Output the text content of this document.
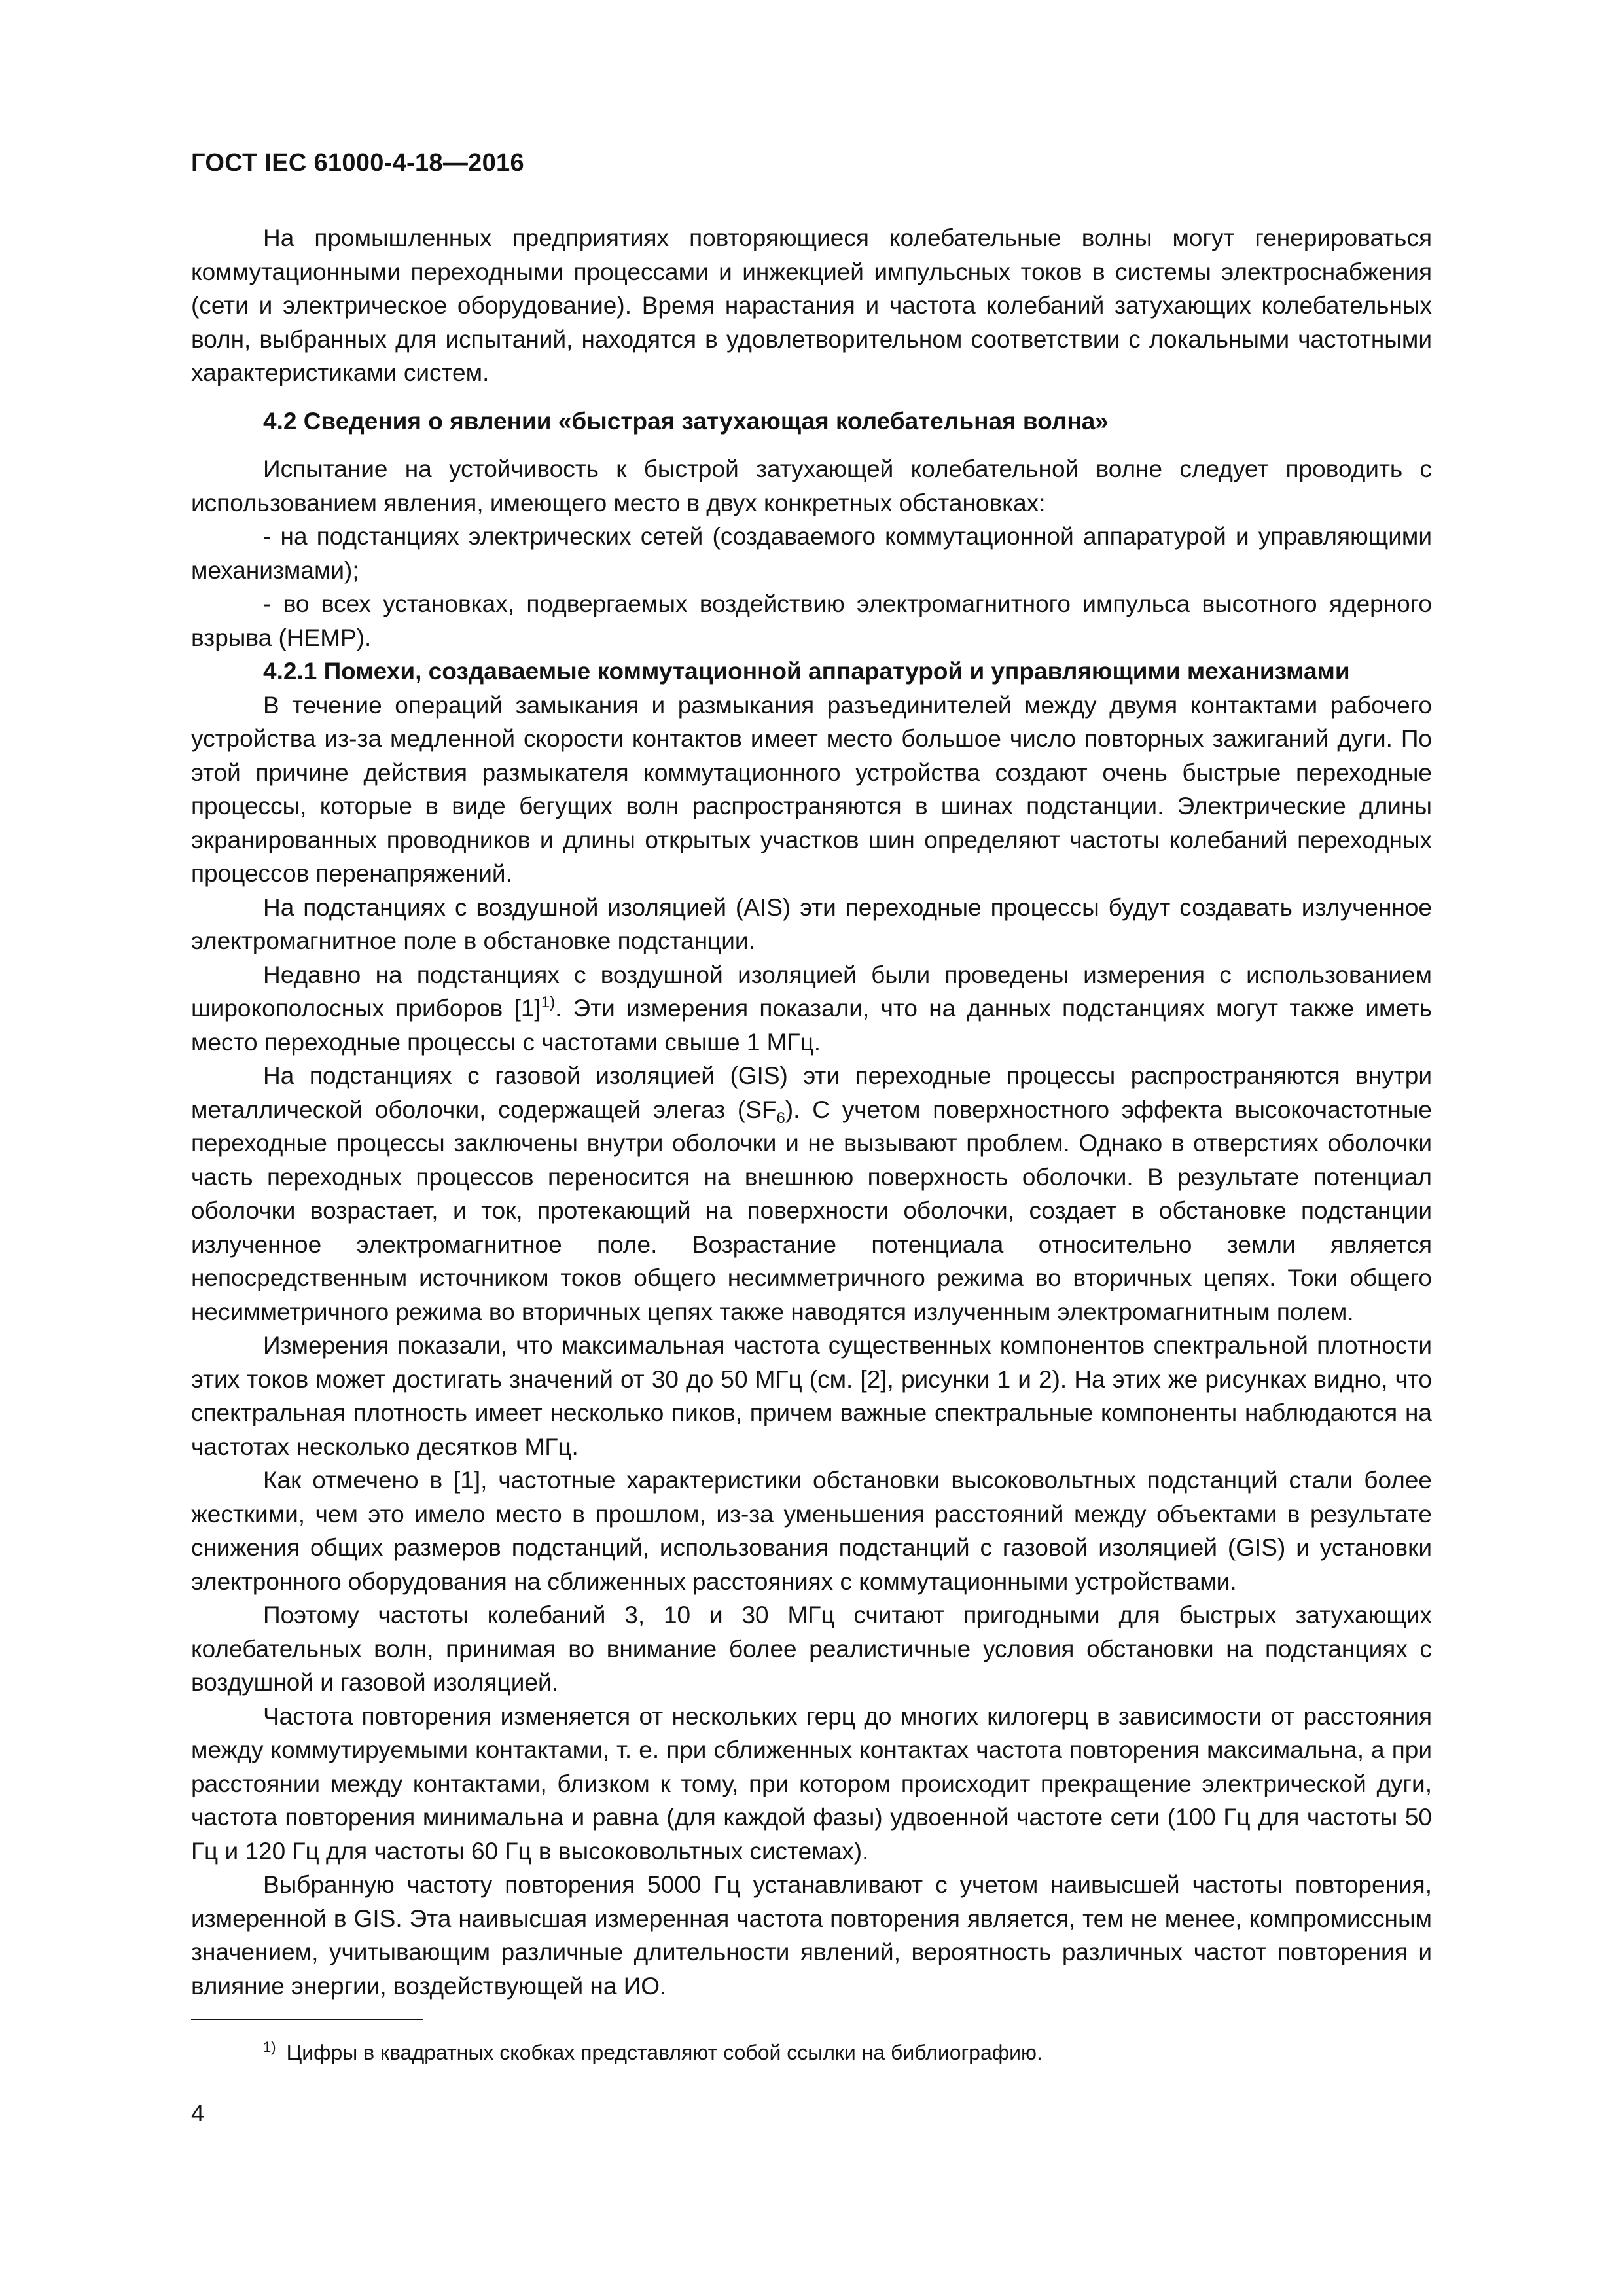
ГОСТ IEC 61000-4-18—2016

На промышленных предприятиях повторяющиеся колебательные волны могут генерироваться коммутационными переходными процессами и инжекцией импульсных токов в системы электроснабжения (сети и электрическое оборудование). Время нарастания и частота колебаний затухающих колебательных волн, выбранных для испытаний, находятся в удовлетворительном соответствии с локальными частотными характеристиками систем.

4.2 Сведения о явлении «быстрая затухающая колебательная волна»

Испытание на устойчивость к быстрой затухающей колебательной волне следует проводить с использованием явления, имеющего место в двух конкретных обстановках:

- на подстанциях электрических сетей (создаваемого коммутационной аппаратурой и управляющими механизмами);

- во всех установках, подвергаемых воздействию электромагнитного импульса высотного ядерного взрыва (НЕМР).

4.2.1 Помехи, создаваемые коммутационной аппаратурой и управляющими механизмами

В течение операций замыкания и размыкания разъединителей между двумя контактами рабочего устройства из-за медленной скорости контактов имеет место большое число повторных зажиганий дуги. По этой причине действия размыкателя коммутационного устройства создают очень быстрые переходные процессы, которые в виде бегущих волн распространяются в шинах подстанции. Электрические длины экранированных проводников и длины открытых участков шин определяют частоты колебаний переходных процессов перенапряжений.

На подстанциях с воздушной изоляцией (AIS) эти переходные процессы будут создавать излученное электромагнитное поле в обстановке подстанции.

Недавно на подстанциях с воздушной изоляцией были проведены измерения с использованием широкополосных приборов [1]$^{1)}$. Эти измерения показали, что на данных подстанциях могут также иметь место переходные процессы с частотами свыше 1 МГц.

На подстанциях с газовой изоляцией (GIS) эти переходные процессы распространяются внутри металлической оболочки, содержащей элегаз $(SF_6)$. С учетом поверхностного эффекта высокочастотные переходные процессы заключены внутри оболочки и не вызывают проблем. Однако в отверстиях оболочки часть переходных процессов переносится на внешнюю поверхность оболочки. В результате потенциал оболочки возрастает, и ток, протекающий на поверхности оболочки, создает в обстановке подстанции излученное электромагнитное поле. Возрастание потенциала относительно земли является непосредственным источником токов общего несимметричного режима во вторичных цепях. Токи общего несимметричного режима во вторичных цепях также наводятся излученным электромагнитным полем.

Измерения показали, что максимальная частота существенных компонентов спектральной плотности этих токов может достигать значений от 30 до 50 МГц (см. [2], рисунки 1 и 2). На этих же рисунках видно, что спектральная плотность имеет несколько пиков, причем важные спектральные компоненты наблюдаются на частотах несколько десятков МГц.

Как отмечено в [1], частотные характеристики обстановки высоковольтных подстанций стали более жесткими, чем это имело место в прошлом, из-за уменьшения расстояний между объектами в результате снижения общих размеров подстанций, использования подстанций с газовой изоляцией (GIS) и установки электронного оборудования на сближенных расстояниях с коммутационными устройствами.

Поэтому частоты колебаний 3, 10 и 30 МГц считают пригодными для быстрых затухающих колебательных волн, принимая во внимание более реалистичные условия обстановки на подстанциях с воздушной и газовой изоляцией.

Частота повторения изменяется от нескольких герц до многих килогерц в зависимости от расстояния между коммутируемыми контактами, т. е. при сближенных контактах частота повторения максимальна, а при расстоянии между контактами, близком к тому, при котором происходит прекращение электрической дуги, частота повторения минимальна и равна (для каждой фазы) удвоенной частоте сети (100 Гц для частоты 50 Гц и 120 Гц для частоты 60 Гц в высоковольтных системах).

Выбранную частоту повторения 5000 Гц устанавливают с учетом наивысшей частоты повторения, измеренной в GIS. Эта наивысшая измеренная частота повторения является, тем не менее, компромиссным значением, учитывающим различные длительности явлений, вероятность различных частот повторения и влияние энергии, воздействующей на ИО.

$^{1)}$ Цифры в квадратных скобках представляют собой ссылки на библиографию.
4
